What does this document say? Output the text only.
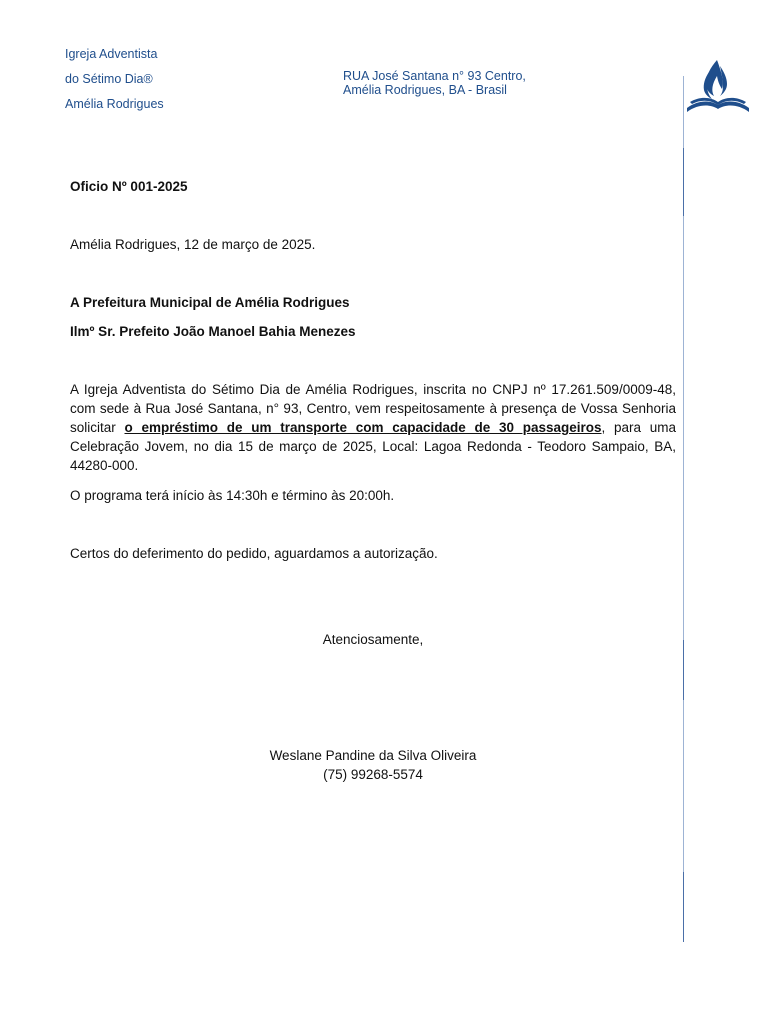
Igreja Adventista
do Sétimo Dia®
Amélia Rodrigues
RUA José Santana n° 93 Centro,
Amélia Rodrigues, BA - Brasil
Oficio Nº 001-2025
Amélia Rodrigues, 12 de março de 2025.
A Prefeitura Municipal de Amélia Rodrigues
Ilmº Sr. Prefeito João Manoel Bahia Menezes
A Igreja Adventista do Sétimo Dia de Amélia Rodrigues, inscrita no CNPJ nº 17.261.509/0009-48, com sede à Rua José Santana, n° 93, Centro, vem respeitosamente à presença de Vossa Senhoria solicitar o empréstimo de um transporte com capacidade de 30 passageiros, para uma Celebração Jovem, no dia 15 de março de 2025, Local: Lagoa Redonda - Teodoro Sampaio, BA, 44280-000.
O programa terá início às 14:30h e término às 20:00h.
Certos do deferimento do pedido, aguardamos a autorização.
Atenciosamente,
Weslane Pandine da Silva Oliveira
(75) 99268-5574
